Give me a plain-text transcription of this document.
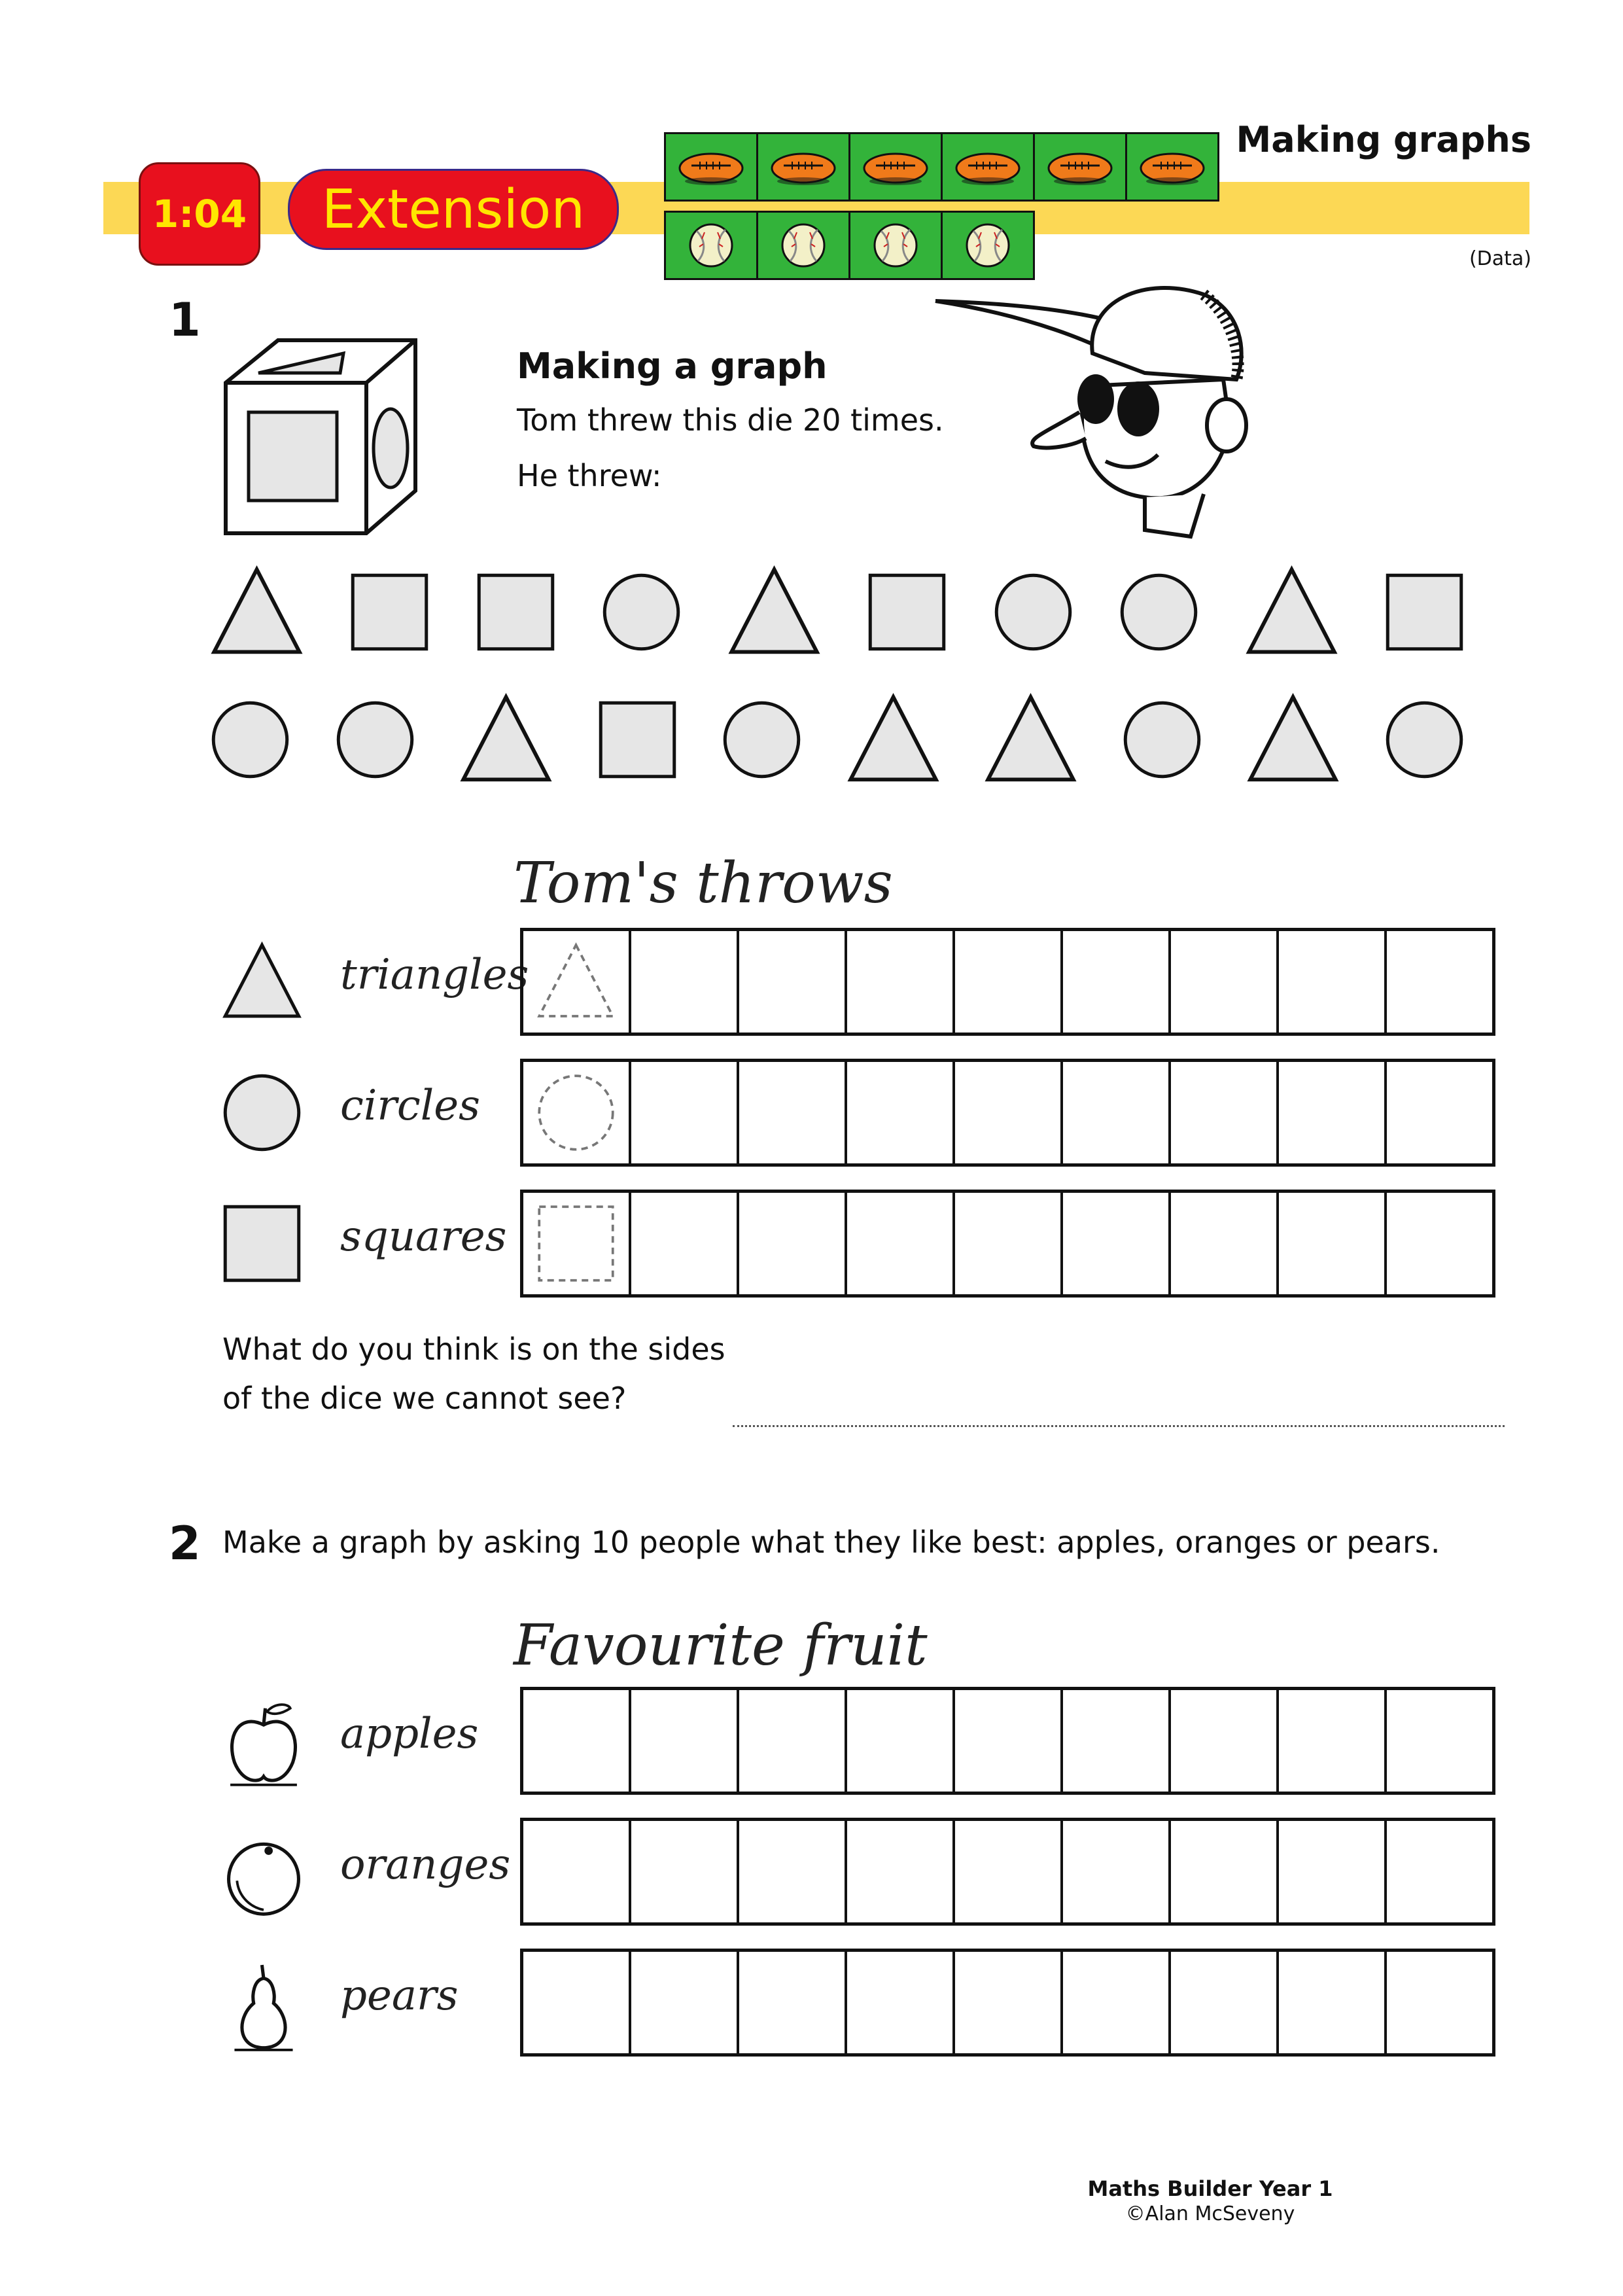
1:04	Extension
Making graphs
(Data)
1
Making a graph
Tom threw this die 20 times.
He threw:
Tom's throws
triangles
circles
squares
What do you think is on the sides
of the dice we cannot see?
2 Make a graph by asking 10 people what they like best: apples, oranges or pears.
Favourite fruit
apples
oranges
pears
Maths Builder Year 1
©Alan McSeveny
